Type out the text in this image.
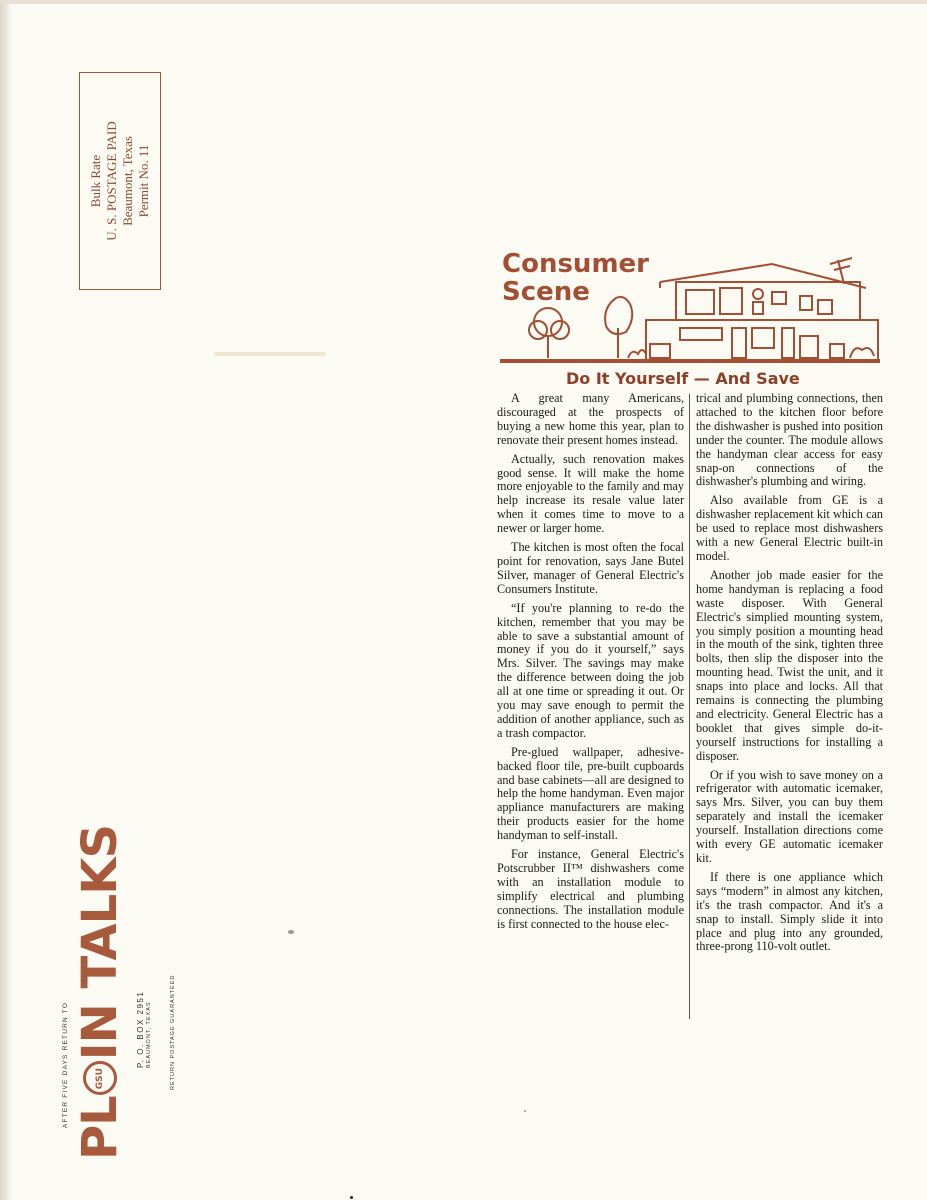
Bulk Rate U. S. POSTAGE PAID Beaumont, Texas Permit No. 11
AFTER FIVE DAYS RETURN TO
PL
GSU
IN TALKS P. O. BOX 2951 BEAUMONT, TEXAS	RETURN POSTAGE GUARANTEED
Consumer
Scene
Do It Yourself — And Save

A great many Americans, discouraged at the prospects of buying a new home this year, plan to renovate their present homes instead.

Actually, such renovation makes good sense. It will make the home more enjoyable to the family and may help increase its resale value later when it comes time to move to a newer or larger home.

The kitchen is most often the focal point for renovation, says Jane Butel Silver, manager of General Electric's Consumers Institute.

“If you're planning to re-do the kitchen, remember that you may be able to save a substantial amount of money if you do it yourself,” says Mrs. Silver. The savings may make the difference between doing the job all at one time or spreading it out. Or you may save enough to permit the addition of another appliance, such as a trash compactor.

Pre-glued wallpaper, adhesive-backed floor tile, pre-built cupboards and base cabinets—all are designed to help the home handyman. Even major appliance manufacturers are making their products easier for the home handyman to self-install.

For instance, General Electric's Potscrubber II™ dishwashers come with an installation module to simplify electrical and plumbing connections. The installation module is first connected to the house elec-

trical and plumbing connections, then attached to the kitchen floor before the dishwasher is pushed into position under the counter. The module allows the handyman clear access for easy snap-on connections of the dishwasher's plumbing and wiring.

Also available from GE is a dishwasher replacement kit which can be used to replace most dishwashers with a new General Electric built-in model.

Another job made easier for the home handyman is replacing a food waste disposer. With General Electric's simplied mounting system, you simply position a mounting head in the mouth of the sink, tighten three bolts, then slip the disposer into the mounting head. Twist the unit, and it snaps into place and locks. All that remains is connecting the plumbing and electricity. General Electric has a booklet that gives simple do-it-yourself instructions for installing a disposer.

Or if you wish to save money on a refrigerator with automatic icemaker, says Mrs. Silver, you can buy them separately and install the icemaker yourself. Installation directions come with every GE automatic icemaker kit.

If there is one appliance which says “modern” in almost any kitchen, it's the trash compactor. And it's a snap to install. Simply slide it into place and plug into any grounded, three-prong 110-volt outlet.
